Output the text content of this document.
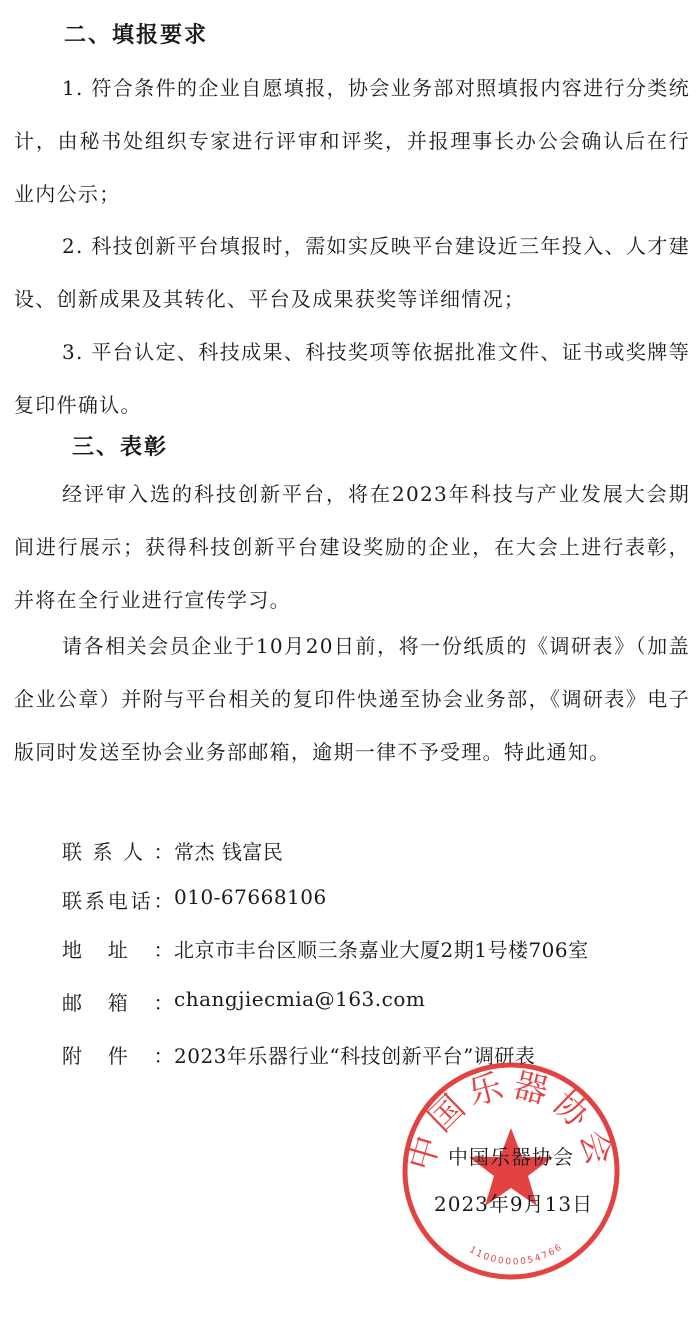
二、填报要求

1. 符合条件的企业自愿填报，协会业务部对照填报内容进行分类统计，由秘书处组织专家进行评审和评奖，并报理事长办公会确认后在行业内公示；

2. 科技创新平台填报时，需如实反映平台建设近三年投入、人才建设、创新成果及其转化、平台及成果获奖等详细情况；

3. 平台认定、科技成果、科技奖项等依据批准文件、证书或奖牌等复印件确认。

三、表彰

经评审入选的科技创新平台，将在2023年科技与产业发展大会期间进行展示；获得科技创新平台建设奖励的企业，在大会上进行表彰，并将在全行业进行宣传学习。

请各相关会员企业于10月20日前，将一份纸质的《调研表》（加盖企业公章）并附与平台相关的复印件快递至协会业务部，《调研表》电子版同时发送至协会业务部邮箱，逾期一律不予受理。特此通知。

联系人：常杰 钱富民
联系电话：010-67668106
地址：北京市丰台区顺三条嘉业大厦2期1号楼706室
邮箱：changjiecmia@163.com
附件：2023年乐器行业“科技创新平台”调研表
中国乐器协会
1100000054766
中国乐器协会
2023年9月13日
